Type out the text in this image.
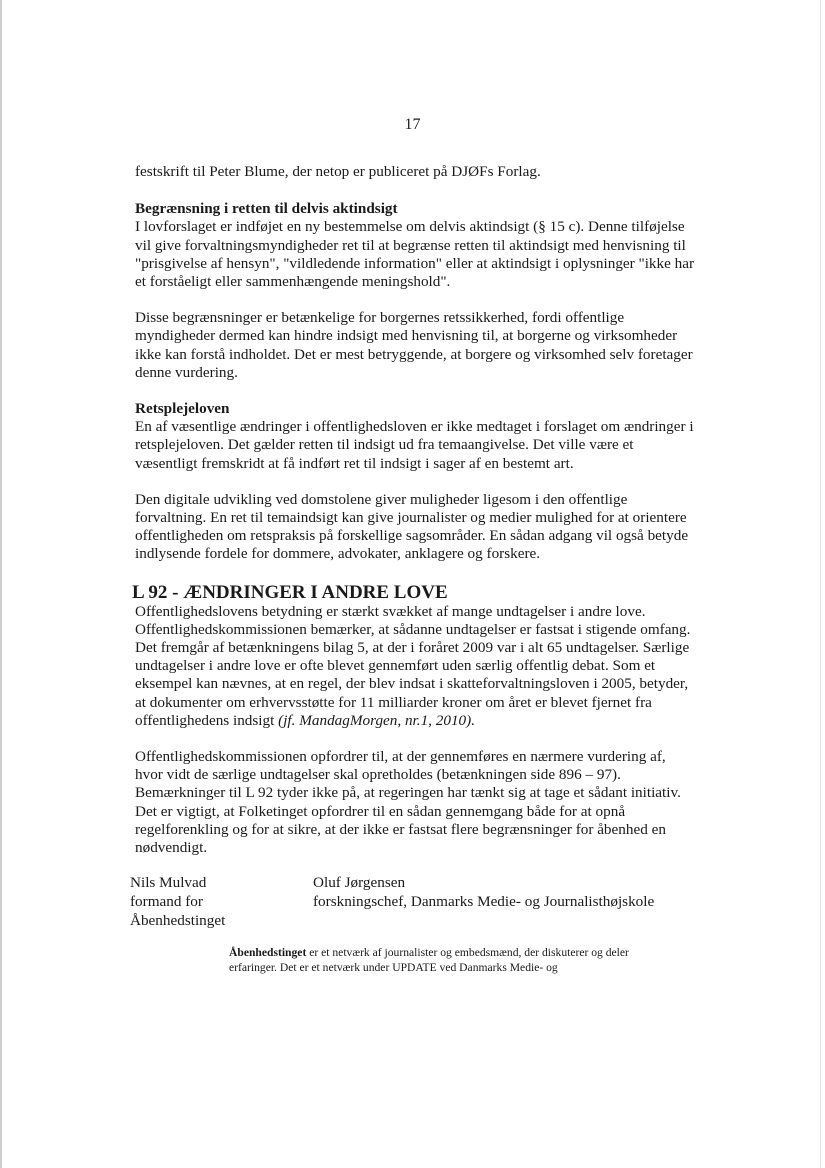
17

festskrift til Peter Blume, der netop er publiceret på DJØFs Forlag.

Begrænsning i retten til delvis aktindsigt

I lovforslaget er indføjet en ny bestemmelse om delvis aktindsigt (§ 15 c). Denne tilføjelse vil give forvaltningsmyndigheder ret til at begrænse retten til aktindsigt med henvisning til "prisgivelse af hensyn", "vildledende information" eller at aktindsigt i oplysninger "ikke har et forståeligt eller sammenhængende meningshold".

Disse begrænsninger er betænkelige for borgernes retssikkerhed, fordi offentlige myndigheder dermed kan hindre indsigt med henvisning til, at borgerne og virksomheder ikke kan forstå indholdet. Det er mest betryggende, at borgere og virksomhed selv foretager denne vurdering.

Retsplejeloven

En af væsentlige ændringer i offentlighedsloven er ikke medtaget i forslaget om ændringer i retsplejeloven. Det gælder retten til indsigt ud fra temaangivelse. Det ville være et væsentligt fremskridt at få indført ret til indsigt i sager af en bestemt art.

Den digitale udvikling ved domstolene giver muligheder ligesom i den offentlige forvaltning. En ret til temaindsigt kan give journalister og medier mulighed for at orientere offentligheden om retspraksis på forskellige sagsområder. En sådan adgang vil også betyde indlysende fordele for dommere, advokater, anklagere og forskere.

L 92 - ÆNDRINGER I ANDRE LOVE

Offentlighedslovens betydning er stærkt svækket af mange undtagelser i andre love. Offentlighedskommissionen bemærker, at sådanne undtagelser er fastsat i stigende omfang. Det fremgår af betænkningens bilag 5, at der i foråret 2009 var i alt 65 undtagelser. Særlige undtagelser i andre love er ofte blevet gennemført uden særlig offentlig debat. Som et eksempel kan nævnes, at en regel, der blev indsat i skatteforvaltningsloven i 2005, betyder, at dokumenter om erhvervsstøtte for 11 milliarder kroner om året er blevet fjernet fra offentlighedens indsigt (jf. MandagMorgen, nr.1, 2010).

Offentlighedskommissionen opfordrer til, at der gennemføres en nærmere vurdering af, hvor vidt de særlige undtagelser skal opretholdes (betænkningen side 896 – 97). Bemærkninger til L 92 tyder ikke på, at regeringen har tænkt sig at tage et sådant initiativ. Det er vigtigt, at Folketinget opfordrer til en sådan gennemgang både for at opnå regelforenkling og for at sikre, at der ikke er fastsat flere begrænsninger for åbenhed en nødvendigt.

Nils Mulvad
formand for
Åbenhedstinget
Oluf Jørgensen
forskningschef, Danmarks Medie- og Journalisthøjskole
Åbenhedstinget er et netværk af journalister og embedsmænd, der diskuterer og deler erfaringer. Det er et netværk under UPDATE ved Danmarks Medie- og
